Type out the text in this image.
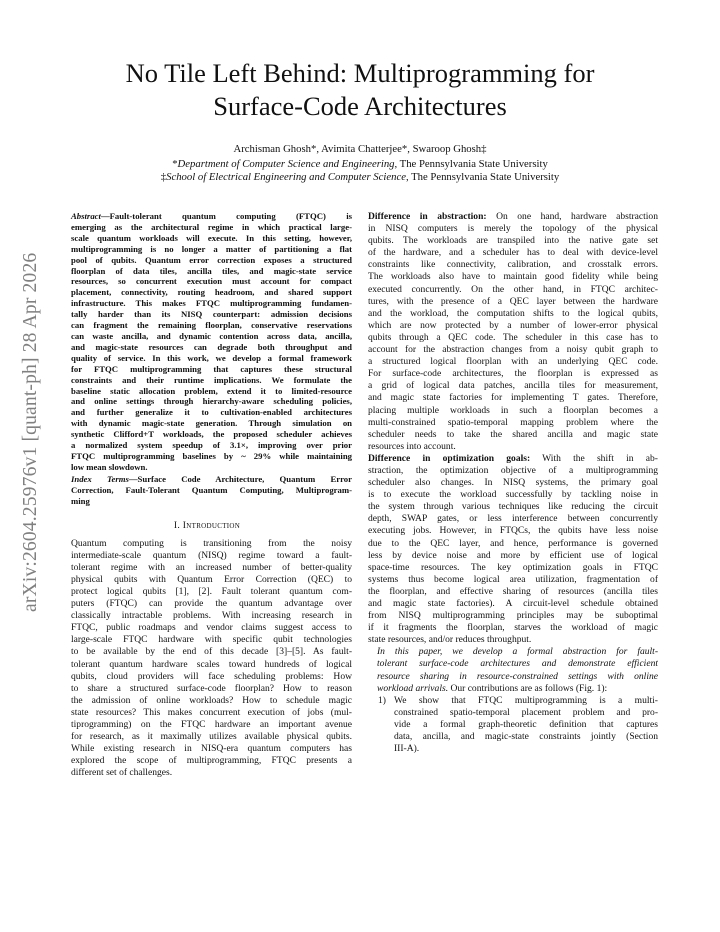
arXiv:2604.25976v1 [quant-ph] 28 Apr 2026
No Tile Left Behind: Multiprogramming for
Surface-Code Architectures
Archisman Ghosh*, Avimita Chatterjee*, Swaroop Ghosh‡
*Department of Computer Science and Engineering, The Pennsylvania State University
‡School of Electrical Engineering and Computer Science, The Pennsylvania State University
Abstract—Fault-tolerant quantum computing (FTQC) is
emerging as the architectural regime in which practical large-
scale quantum workloads will execute. In this setting, however,
multiprogramming is no longer a matter of partitioning a flat
pool of qubits. Quantum error correction exposes a structured
floorplan of data tiles, ancilla tiles, and magic-state service
resources, so concurrent execution must account for compact
placement, connectivity, routing headroom, and shared support
infrastructure. This makes FTQC multiprogramming fundamen-
tally harder than its NISQ counterpart: admission decisions
can fragment the remaining floorplan, conservative reservations
can waste ancilla, and dynamic contention across data, ancilla,
and magic-state resources can degrade both throughput and
quality of service. In this work, we develop a formal framework
for FTQC multiprogramming that captures these structural
constraints and their runtime implications. We formulate the
baseline static allocation problem, extend it to limited-resource
and online settings through hierarchy-aware scheduling policies,
and further generalize it to cultivation-enabled architectures
with dynamic magic-state generation. Through simulation on
synthetic Clifford+T workloads, the proposed scheduler achieves
a normalized system speedup of 3.1×, improving over prior
FTQC multiprogramming baselines by ~ 29% while maintaining
low mean slowdown.
Index Terms—Surface Code Architecture, Quantum Error
Correction, Fault-Tolerant Quantum Computing, Multiprogram-
ming
I. Introduction
Quantum computing is transitioning from the noisy
intermediate-scale quantum (NISQ) regime toward a fault-
tolerant regime with an increased number of better-quality
physical qubits with Quantum Error Correction (QEC) to
protect logical qubits [1], [2]. Fault tolerant quantum com-
puters (FTQC) can provide the quantum advantage over
classically intractable problems. With increasing research in
FTQC, public roadmaps and vendor claims suggest access to
large-scale FTQC hardware with specific qubit technologies
to be available by the end of this decade [3]–[5]. As fault-
tolerant quantum hardware scales toward hundreds of logical
qubits, cloud providers will face scheduling problems: How
to share a structured surface-code floorplan? How to reason
the admission of online workloads? How to schedule magic
state resources? This makes concurrent execution of jobs (mul-
tiprogramming) on the FTQC hardware an important avenue
for research, as it maximally utilizes available physical qubits.
While existing research in NISQ-era quantum computers has
explored the scope of multiprogramming, FTQC presents a
different set of challenges.
Difference in abstraction: On one hand, hardware abstraction
in NISQ computers is merely the topology of the physical
qubits. The workloads are transpiled into the native gate set
of the hardware, and a scheduler has to deal with device-level
constraints like connectivity, calibration, and crosstalk errors.
The workloads also have to maintain good fidelity while being
executed concurrently. On the other hand, in FTQC architec-
tures, with the presence of a QEC layer between the hardware
and the workload, the computation shifts to the logical qubits,
which are now protected by a number of lower-error physical
qubits through a QEC code. The scheduler in this case has to
account for the abstraction changes from a noisy qubit graph to
a structured logical floorplan with an underlying QEC code.
For surface-code architectures, the floorplan is expressed as
a grid of logical data patches, ancilla tiles for measurement,
and magic state factories for implementing T gates. Therefore,
placing multiple workloads in such a floorplan becomes a
multi-constrained spatio-temporal mapping problem where the
scheduler needs to take the shared ancilla and magic state
resources into account.
Difference in optimization goals: With the shift in ab-
straction, the optimization objective of a multiprogramming
scheduler also changes. In NISQ systems, the primary goal
is to execute the workload successfully by tackling noise in
the system through various techniques like reducing the circuit
depth, SWAP gates, or less interference between concurrently
executing jobs. However, in FTQCs, the qubits have less noise
due to the QEC layer, and hence, performance is governed
less by device noise and more by efficient use of logical
space-time resources. The key optimization goals in FTQC
systems thus become logical area utilization, fragmentation of
the floorplan, and effective sharing of resources (ancilla tiles
and magic state factories). A circuit-level schedule obtained
from NISQ multiprogramming principles may be suboptimal
if it fragments the floorplan, starves the workload of magic
state resources, and/or reduces throughput.
In this paper, we develop a formal abstraction for fault-
tolerant surface-code architectures and demonstrate efficient
resource sharing in resource-constrained settings with online
workload arrivals. Our contributions are as follows (Fig. 1):
1) We show that FTQC multiprogramming is a multi-
constrained spatio-temporal placement problem and pro-
vide a formal graph-theoretic definition that captures
data, ancilla, and magic-state constraints jointly (Section
III-A).
